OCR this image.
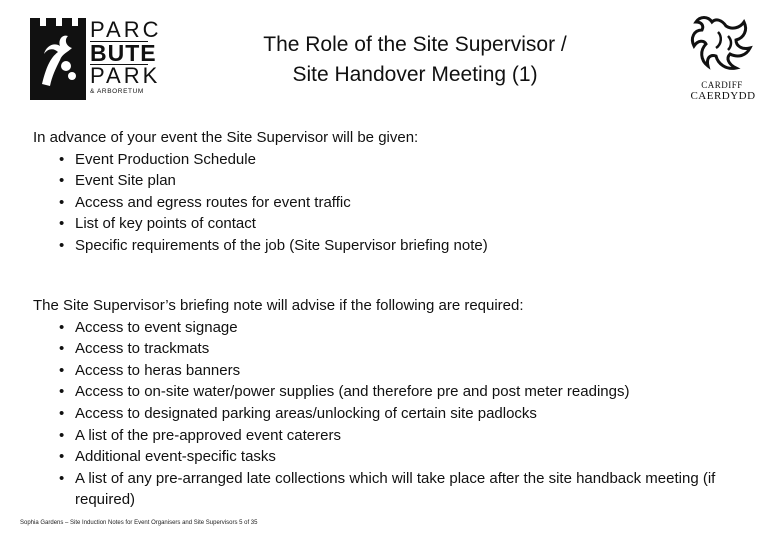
PARC
BUTE
PARK
& ARBORETUM
The Role of the Site Supervisor /
Site Handover Meeting (1)	CARDIFF
CAERDYDD
In advance of your event the Site Supervisor will be given:
• Event Production Schedule
• Event Site plan
• Access and egress routes for event traffic
• List of key points of contact
• Specific requirements of the job (Site Supervisor briefing note)
The Site Supervisor’s briefing note will advise if the following are required:
• Access to event signage
• Access to trackmats
• Access to heras banners
• Access to on-site water/power supplies (and therefore pre and post meter readings)
• Access to designated parking areas/unlocking of certain site padlocks
• A list of the pre-approved event caterers
• Additional event-specific tasks
• A list of any pre-arranged late collections which will take place after the site handback meeting (if required)
Sophia Gardens – Site Induction Notes for Event Organisers and Site Supervisors 5 of 35
